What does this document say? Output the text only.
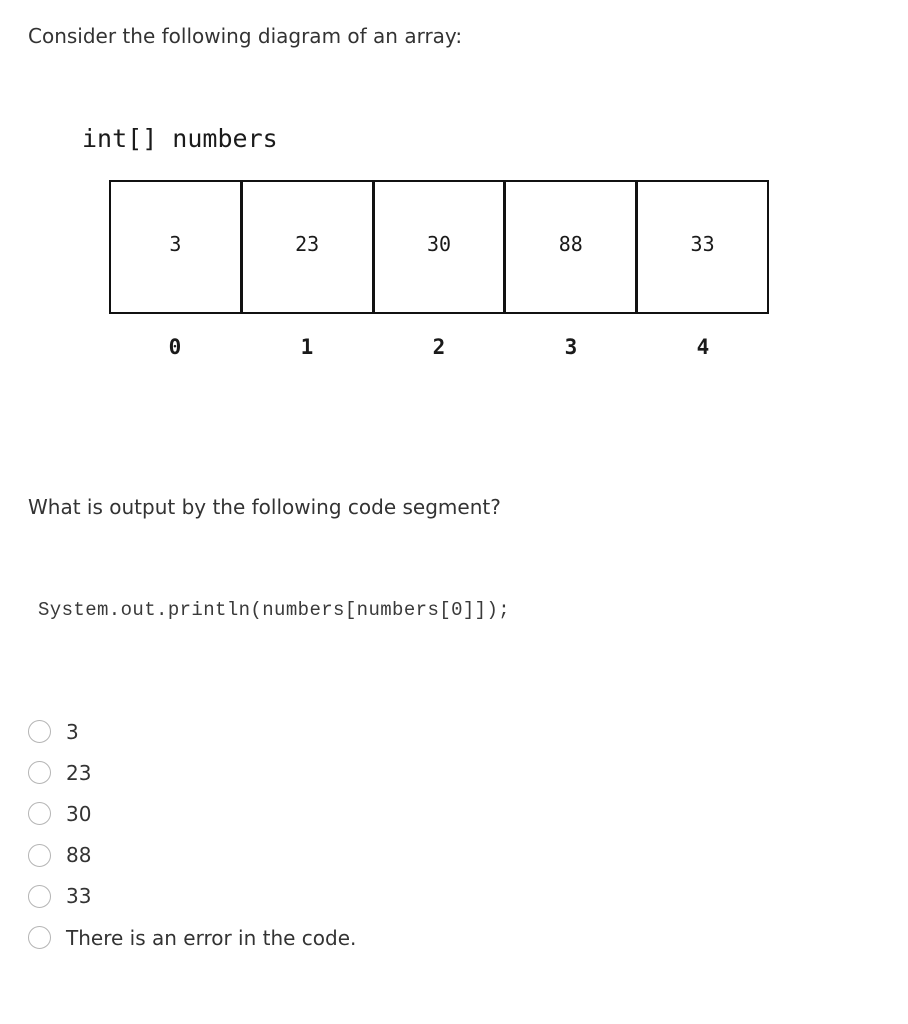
Consider the following diagram of an array:
int[] numbers
3	23	30	88	33
0	1	2	3	4
What is output by the following code segment?
System.out.println(numbers[numbers[0]]);
3
23
30
88
33
There is an error in the code.
